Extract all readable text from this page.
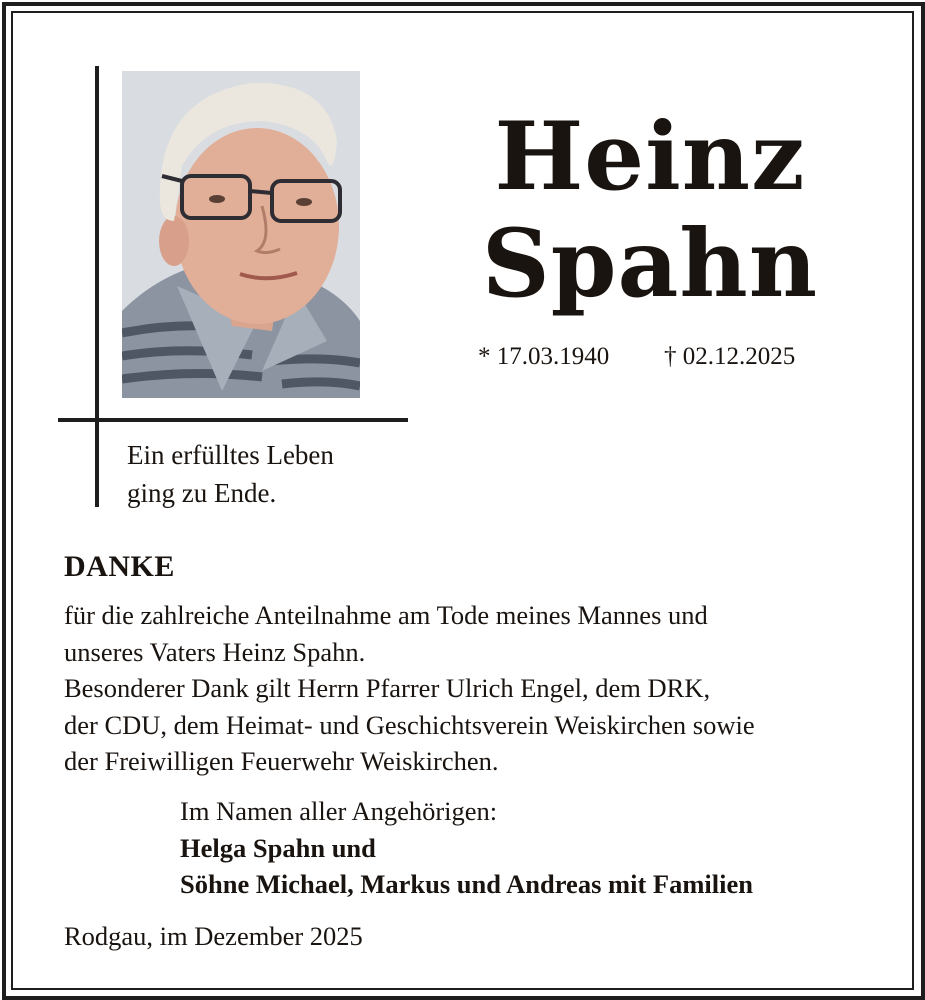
Heinz
Spahn
* 17.03.1940 † 02.12.2025
Ein erfülltes Leben
ging zu Ende.
DANKE
für die zahlreiche Anteilnahme am Tode meines Mannes und
unseres Vaters Heinz Spahn.
Besonderer Dank gilt Herrn Pfarrer Ulrich Engel, dem DRK,
der CDU, dem Heimat- und Geschichtsverein Weiskirchen sowie
der Freiwilligen Feuerwehr Weiskirchen.
Im Namen aller Angehörigen:
Helga Spahn und
Söhne Michael, Markus und Andreas mit Familien
Rodgau, im Dezember 2025
